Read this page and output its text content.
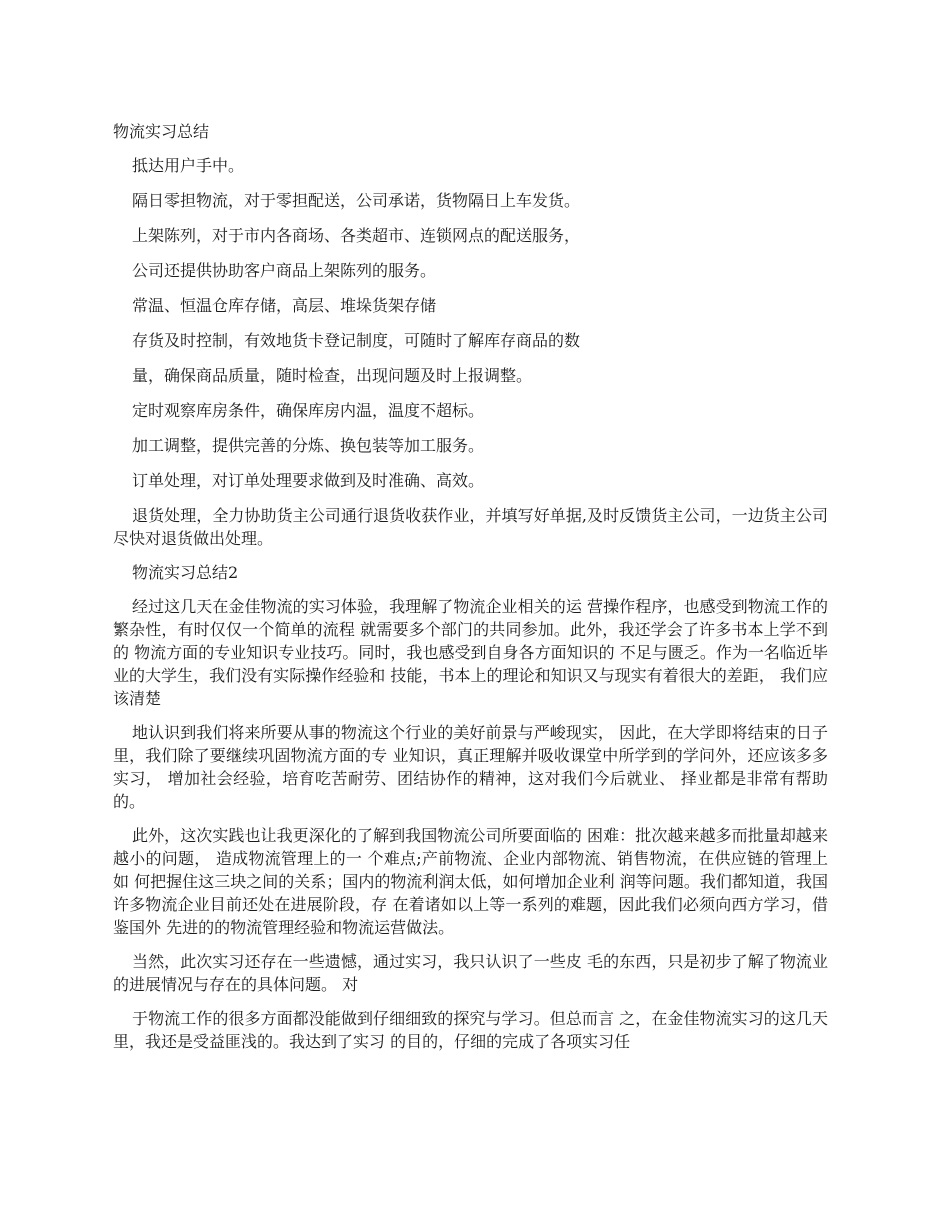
物流实习总结
抵达用户手中。
隔日零担物流，对于零担配送，公司承诺，货物隔日上车发货。
上架陈列，对于市内各商场、各类超市、连锁网点的配送服务，
公司还提供协助客户商品上架陈列的服务。
常温、恒温仓库存储，高层、堆垛货架存储
存货及时控制，有效地货卡登记制度，可随时了解库存商品的数
量，确保商品质量，随时检查，出现问题及时上报调整。
定时观察库房条件，确保库房内温，温度不超标。
加工调整，提供完善的分炼、换包装等加工服务。
订单处理，对订单处理要求做到及时准确、高效。
退货处理，全力协助货主公司通行退货收获作业，并填写好单据,及时反馈货主公司，一边货主公司尽快对退货做出处理。
物流实习总结2
经过这几天在金佳物流的实习体验，我理解了物流企业相关的运 营操作程序，也感受到物流工作的繁杂性，有时仅仅一个简单的流程 就需要多个部门的共同参加。此外，我还学会了许多书本上学不到的 物流方面的专业知识专业技巧。同时，我也感受到自身各方面知识的 不足与匮乏。作为一名临近毕业的大学生，我们没有实际操作经验和 技能，书本上的理论和知识又与现实有着很大的差距， 我们应该清楚
地认识到我们将来所要从事的物流这个行业的美好前景与严峻现实， 因此，在大学即将结束的日子里，我们除了要继续巩固物流方面的专 业知识，真正理解并吸收课堂中所学到的学问外，还应该多多实习， 增加社会经验，培育吃苦耐劳、团结协作的精神，这对我们今后就业、 择业都是非常有帮助的。
此外，这次实践也让我更深化的了解到我国物流公司所要面临的 困难：批次越来越多而批量却越来越小的问题， 造成物流管理上的一 个难点;产前物流、企业内部物流、销售物流，在供应链的管理上如 何把握住这三块之间的关系；国内的物流利润太低，如何增加企业利 润等问题。我们都知道，我国许多物流企业目前还处在进展阶段，存 在着诸如以上等一系列的难题，因此我们必须向西方学习，借鉴国外 先进的的物流管理经验和物流运营做法。
当然，此次实习还存在一些遗憾，通过实习，我只认识了一些皮 毛的东西，只是初步了解了物流业的进展情况与存在的具体问题。 对
于物流工作的很多方面都没能做到仔细细致的探究与学习。但总而言 之，在金佳物流实习的这几天里，我还是受益匪浅的。我达到了实习 的目的，仔细的完成了各项实习任
